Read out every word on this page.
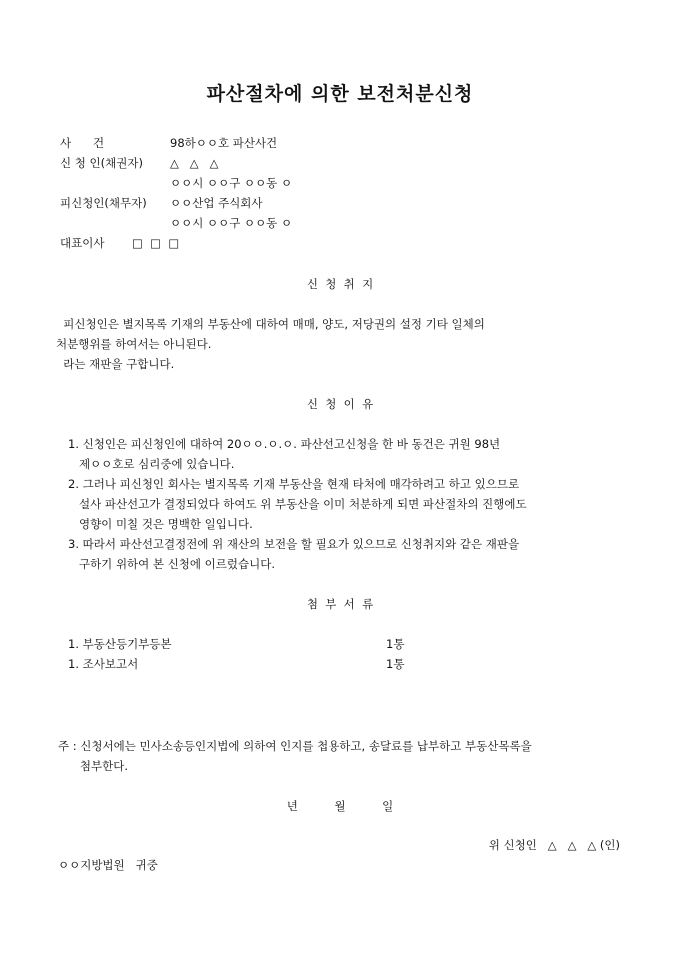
파산절차에 의한 보전처분신청
사      건	98하ㅇㅇ호 파산사건
신 청 인(채권자) △   △   △
ㅇㅇ시 ㅇㅇ구 ㅇㅇ동 ㅇ
피신청인(채무자) ㅇㅇ산업 주식회사
ㅇㅇ시 ㅇㅇ구 ㅇㅇ동 ㅇ
대표이사 □  □  □
신  청  취  지
피신청인은 별지목록 기재의 부동산에 대하여 매매, 양도, 저당권의 설정 기타 일체의
처분행위를 하여서는 아니된다.
라는 재판을 구합니다.
신  청  이  유
1. 신청인은 피신청인에 대하여 20ㅇㅇ.ㅇ.ㅇ. 파산선고신청을 한 바 동건은 귀원 98년
제ㅇㅇ호로 심리중에 있습니다.
2. 그러나 피신청인 회사는 별지목록 기재 부동산을 현재 타처에 매각하려고 하고 있으므로
설사 파산선고가 결정되었다 하여도 위 부동산을 이미 처분하게 되면 파산절차의 진행에도
영향이 미칠 것은 명백한 일입니다.
3. 따라서 파산선고결정전에 위 재산의 보전을 할 필요가 있으므로 신청취지와 같은 재판을
구하기 위하여 본 신청에 이르렀습니다.
첨  부  서  류
1. 부동산등기부등본	1통
1. 조사보고서	1통
주 : 신청서에는 민사소송등인지법에 의하여 인지를 첩용하고, 송달료를 납부하고 부동산목록을
첨부한다.
년          월          일
위 신청인   △   △   △ (인)
ㅇㅇ지방법원   귀중
